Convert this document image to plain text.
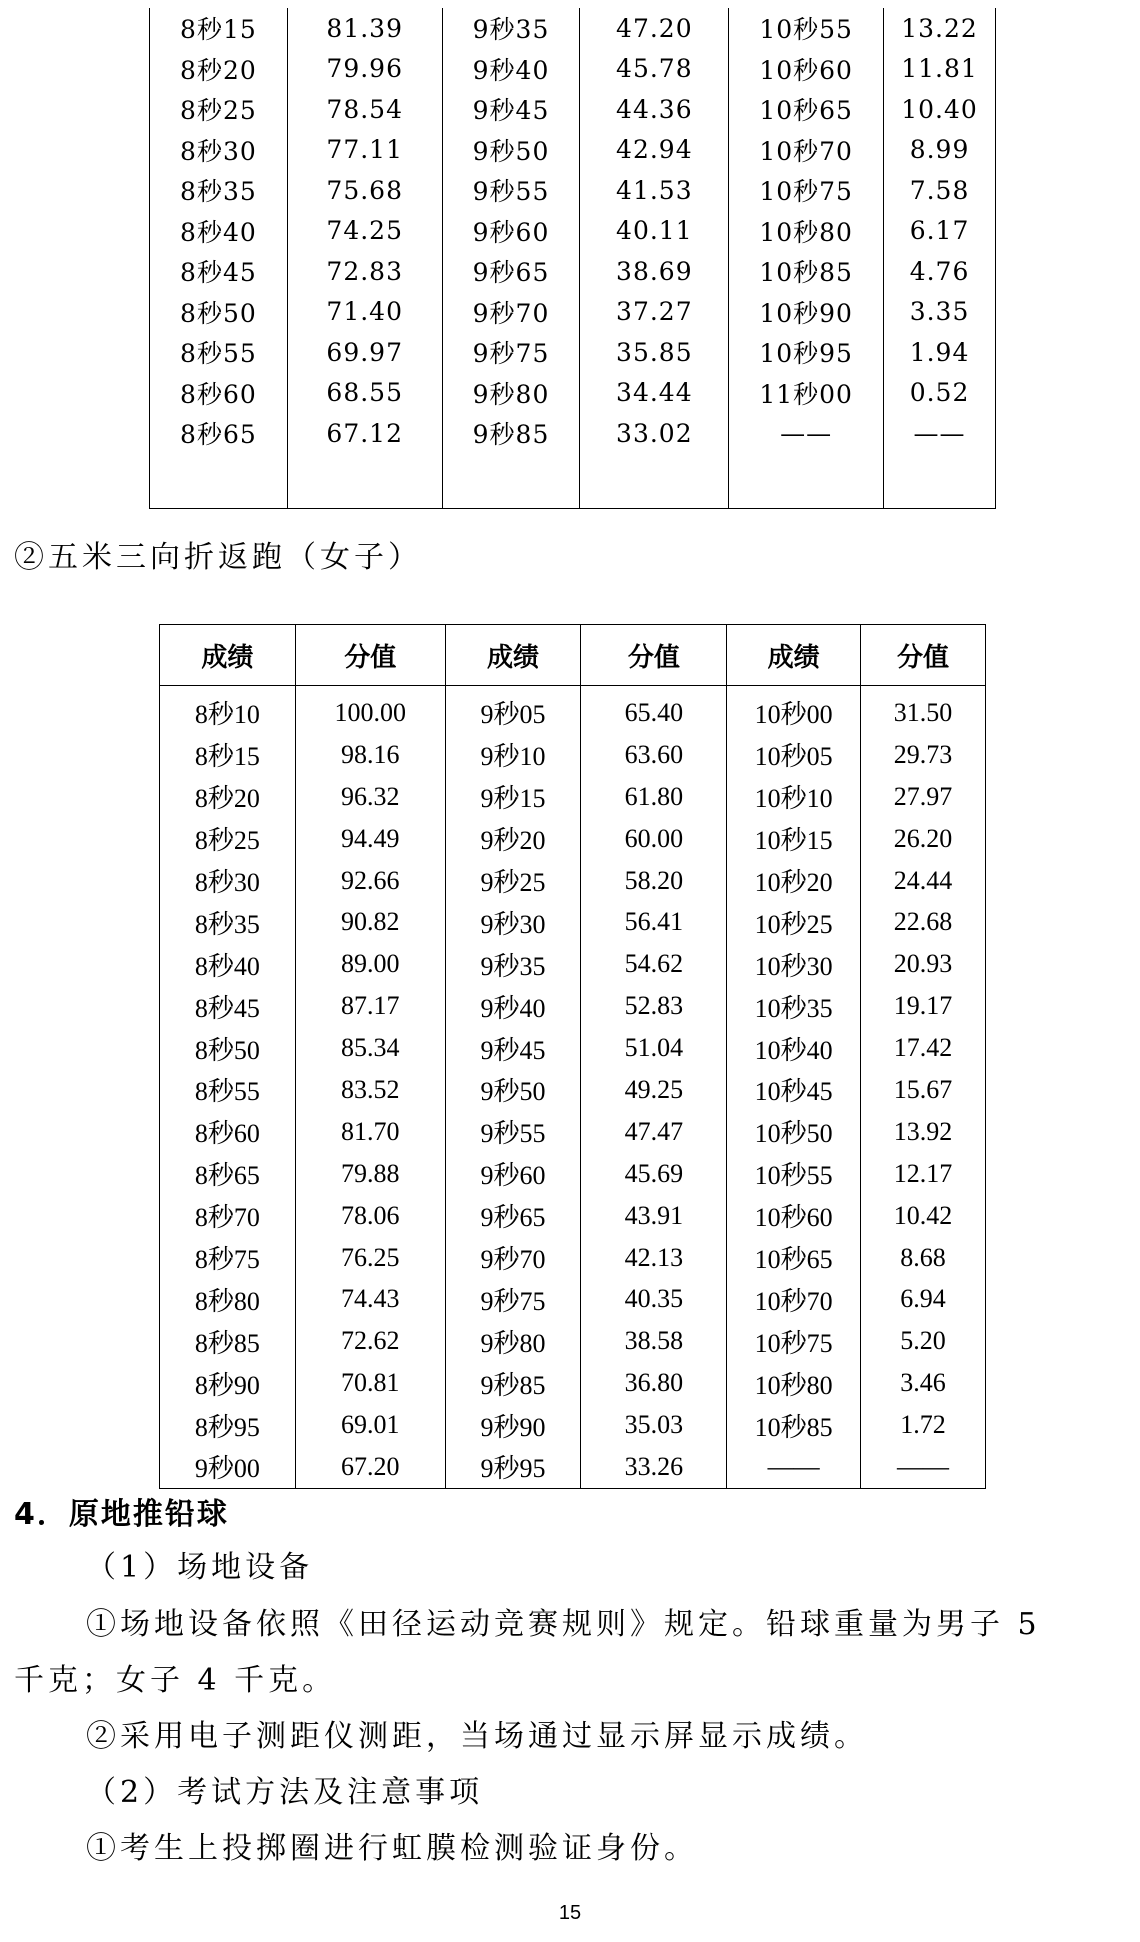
8秒15	81.39	9秒35	47.20	10秒55	13.22
8秒20	79.96	9秒40	45.78	10秒60	11.81
8秒25	78.54	9秒45	44.36	10秒65	10.40
8秒30	77.11	9秒50	42.94	10秒70	8.99
8秒35	75.68	9秒55	41.53	10秒75	7.58
8秒40	74.25	9秒60	40.11	10秒80	6.17
8秒45	72.83	9秒65	38.69	10秒85	4.76
8秒50	71.40	9秒70	37.27	10秒90	3.35
8秒55	69.97	9秒75	35.85	10秒95	1.94
8秒60	68.55	9秒80	34.44	11秒00	0.52
8秒65	67.12	9秒85	33.02	——	——

②五米三向折返跑（女子）
成绩	分值	成绩	分值	成绩	分值
8秒10	100.00	9秒05	65.40	10秒00	31.50
8秒15	98.16	9秒10	63.60	10秒05	29.73
8秒20	96.32	9秒15	61.80	10秒10	27.97
8秒25	94.49	9秒20	60.00	10秒15	26.20
8秒30	92.66	9秒25	58.20	10秒20	24.44
8秒35	90.82	9秒30	56.41	10秒25	22.68
8秒40	89.00	9秒35	54.62	10秒30	20.93
8秒45	87.17	9秒40	52.83	10秒35	19.17
8秒50	85.34	9秒45	51.04	10秒40	17.42
8秒55	83.52	9秒50	49.25	10秒45	15.67
8秒60	81.70	9秒55	47.47	10秒50	13.92
8秒65	79.88	9秒60	45.69	10秒55	12.17
8秒70	78.06	9秒65	43.91	10秒60	10.42
8秒75	76.25	9秒70	42.13	10秒65	8.68
8秒80	74.43	9秒75	40.35	10秒70	6.94
8秒85	72.62	9秒80	38.58	10秒75	5.20
8秒90	70.81	9秒85	36.80	10秒80	3.46
8秒95	69.01	9秒90	35.03	10秒85	1.72
9秒00	67.20	9秒95	33.26	——	——
4．原地推铅球
（1）场地设备
①场地设备依照《田径运动竞赛规则》规定。铅球重量为男子 5
千克；女子 4 千克。
②采用电子测距仪测距，当场通过显示屏显示成绩。
（2）考试方法及注意事项
①考生上投掷圈进行虹膜检测验证身份。
15
